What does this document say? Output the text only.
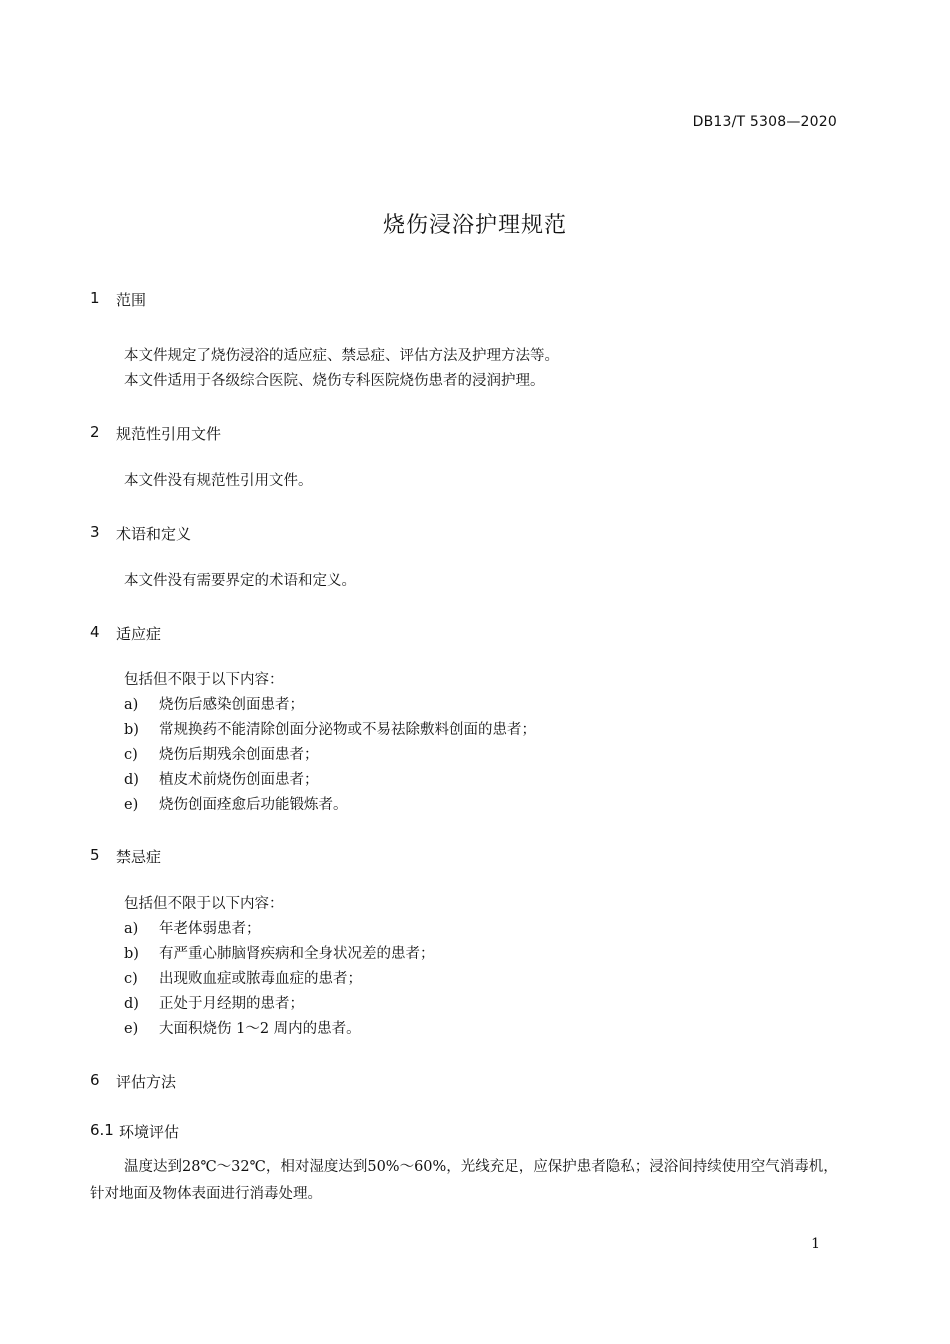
DB13/T 5308—2020
烧伤浸浴护理规范
1	范围
本文件规定了烧伤浸浴的适应症、禁忌症、评估方法及护理方法等。
本文件适用于各级综合医院、烧伤专科医院烧伤患者的浸润护理。
2	规范性引用文件
本文件没有规范性引用文件。
3	术语和定义
本文件没有需要界定的术语和定义。
4	适应症
包括但不限于以下内容：
a)	烧伤后感染创面患者；
b)	常规换药不能清除创面分泌物或不易祛除敷料创面的患者；
c)	烧伤后期残余创面患者；
d)	植皮术前烧伤创面患者；
e)	烧伤创面痊愈后功能锻炼者。
5	禁忌症
包括但不限于以下内容：
a)	年老体弱患者；
b)	有严重心肺脑肾疾病和全身状况差的患者；
c)	出现败血症或脓毒血症的患者；
d)	正处于月经期的患者；
e)	大面积烧伤 1～2 周内的患者。
6	评估方法
6.1 环境评估
温度达到28℃～32℃，相对湿度达到50%～60%，光线充足，应保护患者隐私；浸浴间持续使用空气消毒机，针对地面及物体表面进行消毒处理。
1
